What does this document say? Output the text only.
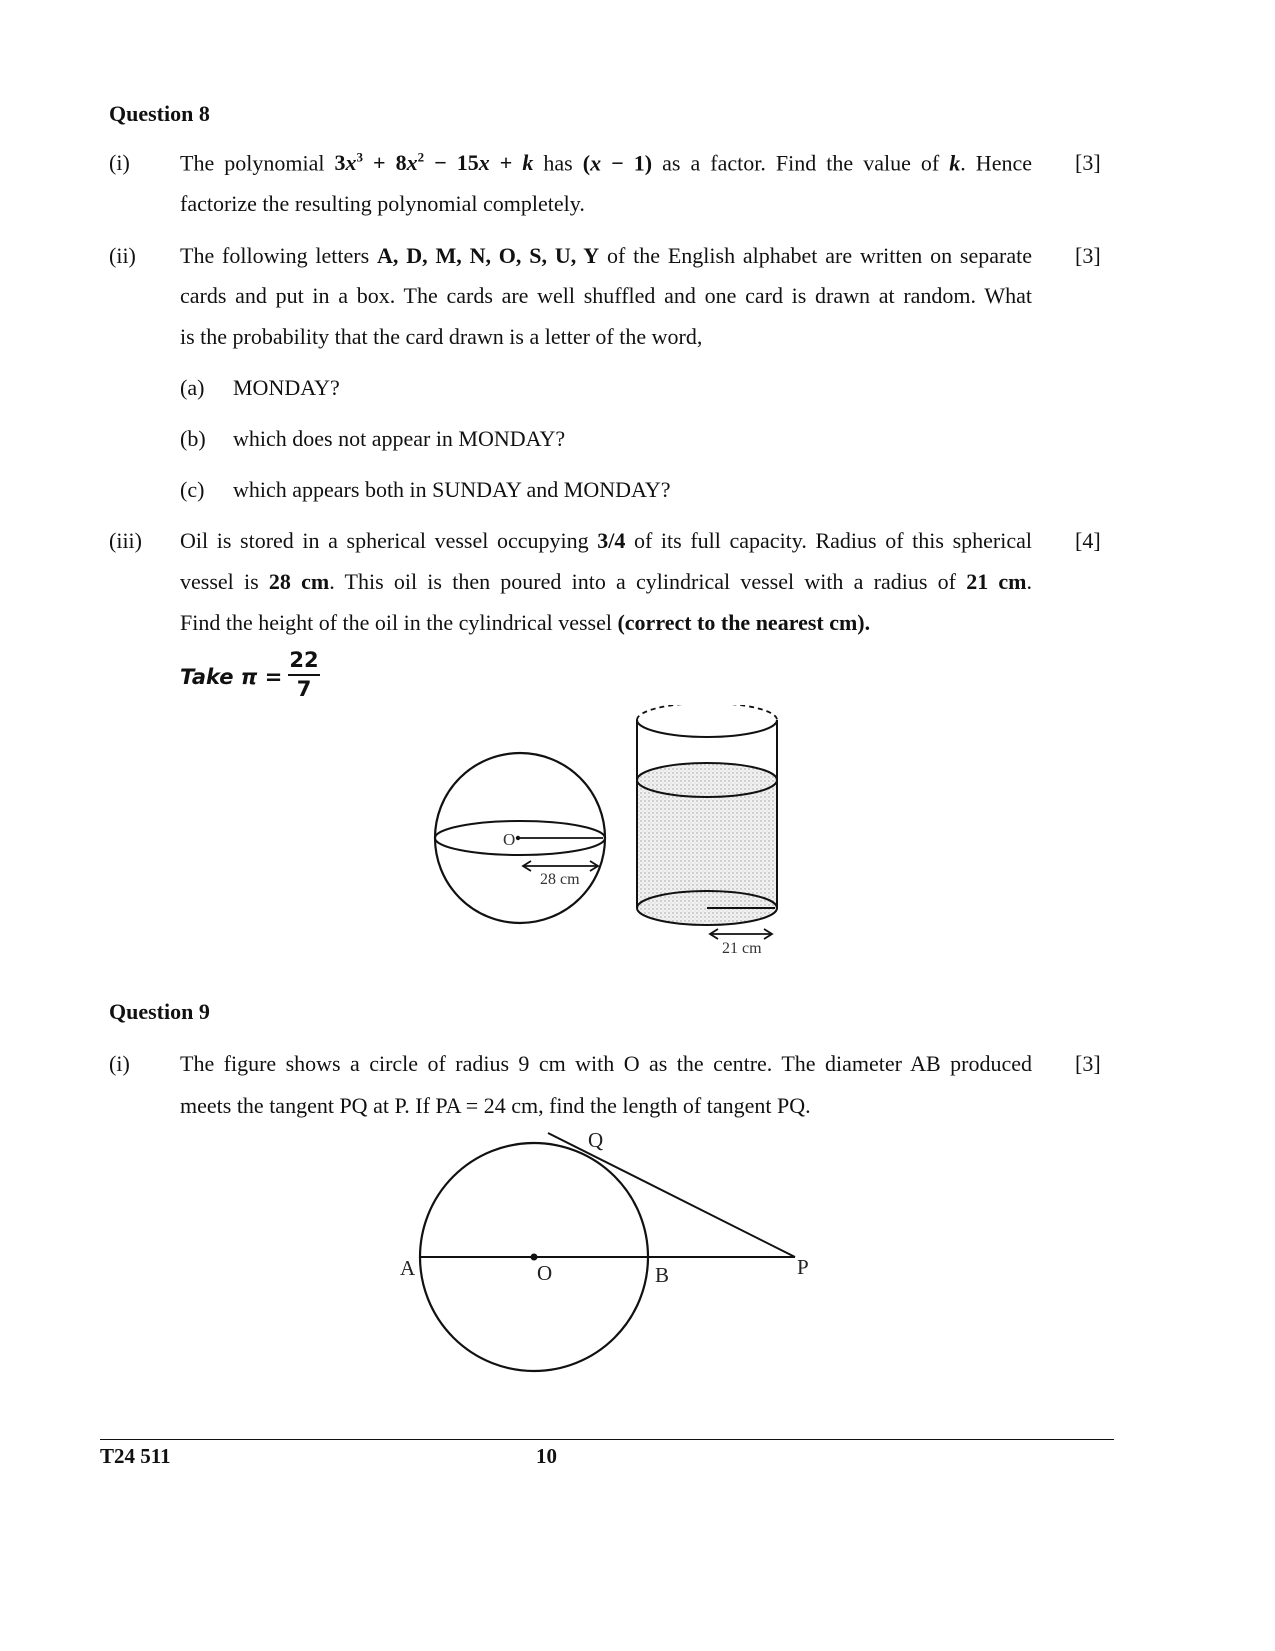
Question 8
(i) The polynomial $3x^3 + 8x^2 - 15x + k$ has (x − 1) as a factor. Find the value of k. Hence [3]
factorize the resulting polynomial completely.
(ii) The following letters A, D, M, N, O, S, U, Y of the English alphabet are written on separate [3]
cards and put in a box. The cards are well shuffled and one card is drawn at random. What
is the probability that the card drawn is a letter of the word,
(a) MONDAY?
(b) which does not appear in MONDAY?
(c) which appears both in SUNDAY and MONDAY?
(iii) Oil is stored in a spherical vessel occupying 3/4 of its full capacity. Radius of this spherical [4]
vessel is 28 cm. This oil is then poured into a cylindrical vessel with a radius of 21 cm.
Find the height of the oil in the cylindrical vessel (correct to the nearest cm).
Take π =
22
7
O
28 cm
21 cm
Question 9
(i) The figure shows a circle of radius 9 cm with O as the centre. The diameter AB produced [3]
meets the tangent PQ at P. If PA = 24 cm, find the length of tangent PQ.
Q
A	O	B	P
T24 511	10
